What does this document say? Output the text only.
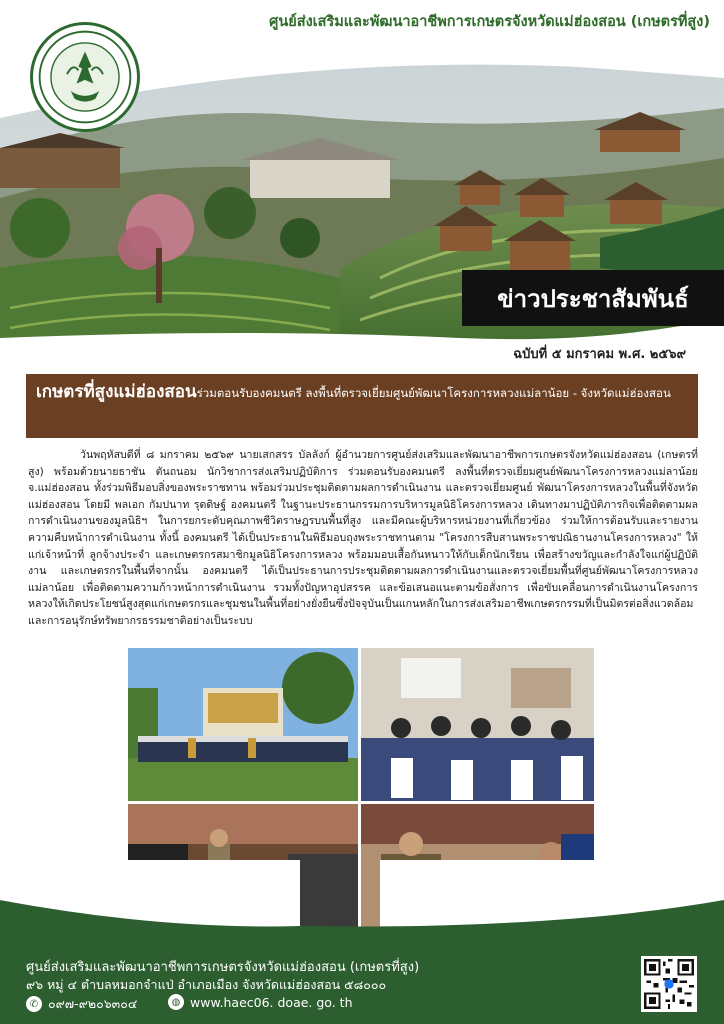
ศูนย์ส่งเสริมและพัฒนาอาชีพการเกษตรจังหวัดแม่ฮ่องสอน (เกษตรที่สูง)
ข่าวประชาสัมพันธ์
ฉบับที่ ๕ มกราคม พ.ศ. ๒๕๖๙
เกษตรที่สูงแม่ฮ่องสอนร่วมตอนรับองคมนตรี ลงพื้นที่ตรวจเยี่ยมศูนย์พัฒนาโครงการหลวงแม่ลาน้อย - จังหวัดแม่ฮ่องสอน
วันพฤหัสบดีที่ ๘ มกราคม ๒๕๖๙ นายเสกสรร บัลลังก์ ผู้อำนวยการศูนย์ส่งเสริมและพัฒนาอาชีพการเกษตรจังหวัดแม่ฮ่องสอน (เกษตรที่สูง) พร้อมด้วยนายธาชัน ตันถนอม นักวิชาการส่งเสริมปฏิบัติการ ร่วมตอนรับองคมนตรี ลงพื้นที่ตรวจเยี่ยมศูนย์พัฒนาโครงการหลวงแม่ลาน้อย จ.แม่ฮ่องสอน ทั้งร่วมพิธีมอบสิ่งของพระราชทาน พร้อมร่วมประชุมติดตามผลการดำเนินงาน และตรวจเยี่ยมศูนย์ พัฒนาโครงการหลวงในพื้นที่จังหวัดแม่ฮ่องสอน โดยมี พลเอก กัมปนาท รุดดิษฐ์ องคมนตรี ในฐานะประธานกรรมการบริหารมูลนิธิโครงการหลวง เดินทางมาปฏิบัติภารกิจเพื่อติดตามผลการดำเนินงานของมูลนิธิฯ ในการยกระดับคุณภาพชีวิตราษฎรบนพื้นที่สูง และมีคณะผู้บริหารหน่วยงานที่เกี่ยวข้อง ร่วมให้การต้อนรับและรายงานความคืบหน้าการดำเนินงาน ทั้งนี้ องคมนตรี ได้เป็นประธานในพิธีมอบถุงพระราชทานตาม "โครงการสืบสานพระราชปณิธานงานโครงการหลวง" ให้แก่เจ้าหน้าที่ ลูกจ้างประจำ และเกษตรกรสมาชิกมูลนิธิโครงการหลวง พร้อมมอบเสื้อกันหนาวให้กับเด็กนักเรียน เพื่อสร้างขวัญและกำลังใจแก่ผู้ปฏิบัติงาน และเกษตรกรในพื้นที่จากนั้น องคมนตรี ได้เป็นประธานการประชุมติดตามผลการดำเนินงานและตรวจเยี่ยมพื้นที่ศูนย์พัฒนาโครงการหลวงแม่ลาน้อย เพื่อติดตามความก้าวหน้าการดำเนินงาน รวมทั้งปัญหาอุปสรรค และข้อเสนอแนะตามข้อสั่งการ เพื่อขับเคลื่อนการดำเนินงานโครงการหลวงให้เกิดประโยชน์สูงสุดแก่เกษตรกรและชุมชนในพื้นที่อย่างยั่งยืนซึ่งปัจจุบันเป็นแกนหลักในการส่งเสริมอาชีพเกษตรกรรมที่เป็นมิตรต่อสิ่งแวดล้อมและการอนุรักษ์ทรัพยากรธรรมชาติอย่างเป็นระบบ
ศูนย์ส่งเสริมและพัฒนาอาชีพการเกษตรจังหวัดแม่ฮ่องสอน (เกษตรที่สูง)
๙๖ หมู่ ๔ ตำบลหมอกจำแป่ อำเภอเมือง จังหวัดแม่ฮ่องสอน ๕๘๐๐๐
✆ ๐๙๗-๙๒๐๖๓๐๔	◍ www.haec06. doae. go. th
